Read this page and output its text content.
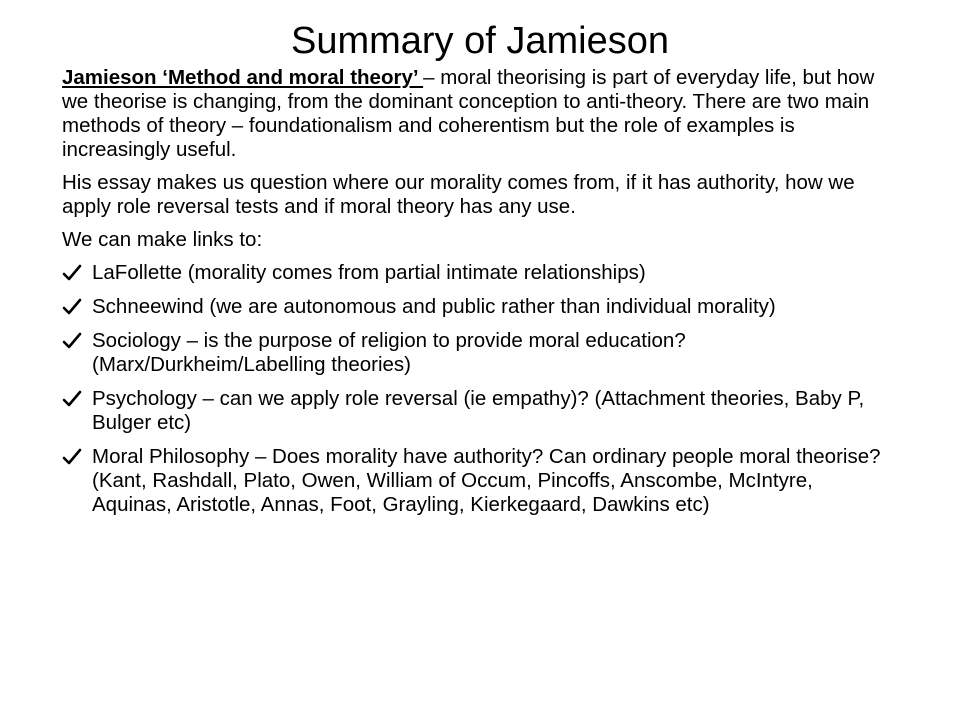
Summary of Jamieson

Jamieson ‘Method and moral theory’ – moral theorising is part of everyday life, but how we theorise is changing, from the dominant conception to anti-theory. There are two main methods of theory – foundationalism and coherentism but the role of examples is increasingly useful.

His essay makes us question where our morality comes from, if it has authority, how we apply role reversal tests and if moral theory has any use.

We can make links to:

LaFollette (morality comes from partial intimate relationships)
Schneewind (we are autonomous and public rather than individual morality)
Sociology – is the purpose of religion to provide moral education? (Marx/Durkheim/Labelling theories)
Psychology – can we apply role reversal (ie empathy)? (Attachment theories, Baby P, Bulger etc)
Moral Philosophy – Does morality have authority? Can ordinary people moral theorise? (Kant, Rashdall, Plato, Owen, William of Occum, Pincoffs, Anscombe, McIntyre, Aquinas, Aristotle, Annas, Foot, Grayling, Kierkegaard, Dawkins etc)
